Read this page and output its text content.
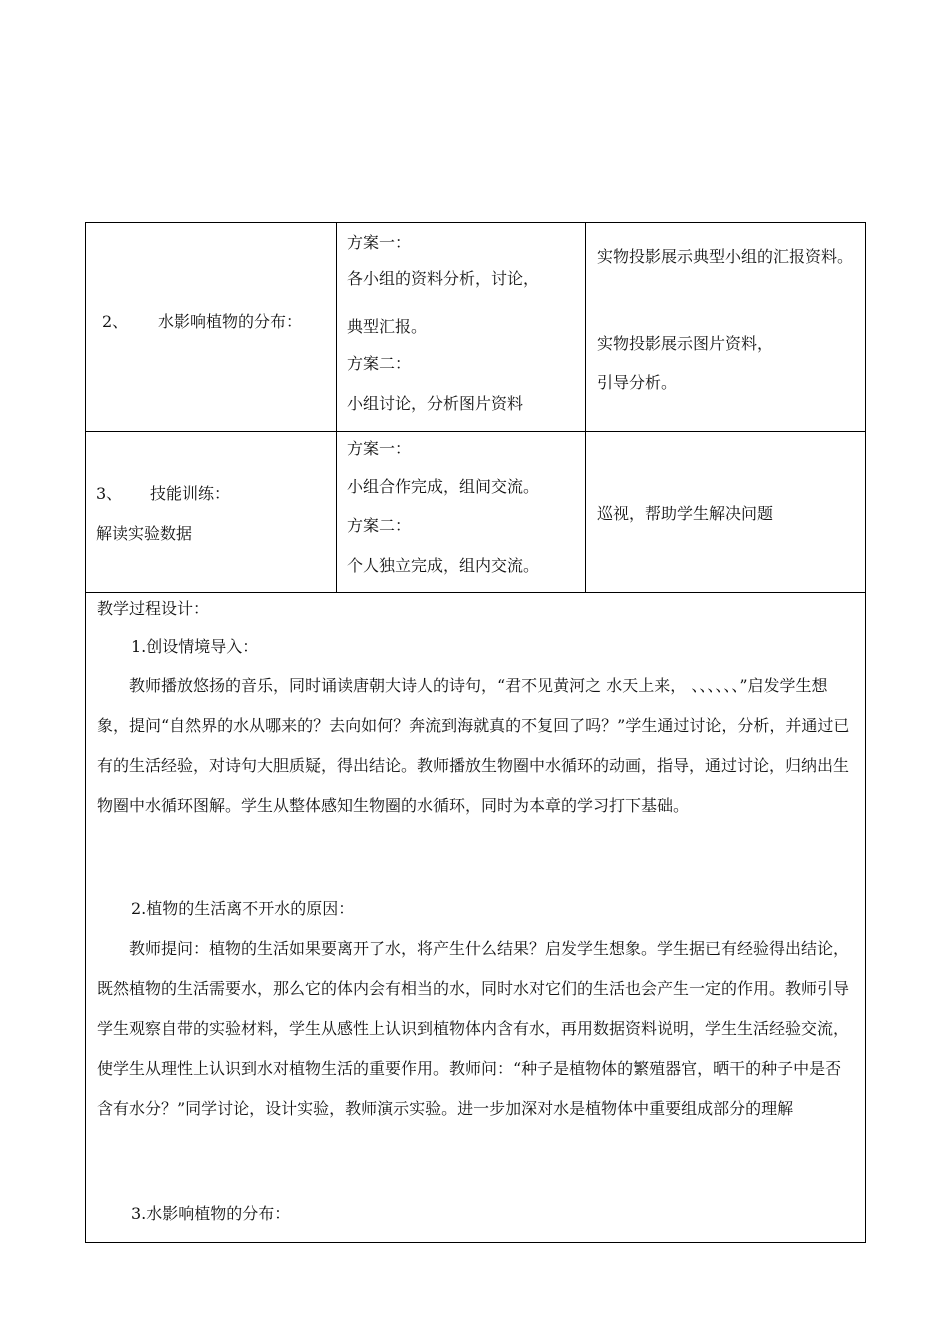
2、 水影响植物的分布：
方案一：
各小组的资料分析，讨论，
典型汇报。
方案二：
小组讨论，分析图片资料
实物投影展示典型小组的汇报资料。
实物投影展示图片资料，
引导分析。
3、 技能训练：
解读实验数据
方案一：
小组合作完成，组间交流。
方案二：
个人独立完成，组内交流。
巡视，帮助学生解决问题
教学过程设计：
1.创设情境导入：
教师播放悠扬的音乐，同时诵读唐朝大诗人的诗句，“君不见黄河之 水天上来， 、、、、、、”启发学生想象，提问“自然界的水从哪来的？去向如何？奔流到海就真的不复回了吗？”学生通过讨论，分析，并通过已有的生活经验，对诗句大胆质疑，得出结论。教师播放生物圈中水循环的动画，指导，通过讨论，归纳出生物圈中水循环图解。学生从整体感知生物圈的水循环，同时为本章的学习打下基础。
2.植物的生活离不开水的原因：
教师提问：植物的生活如果要离开了水，将产生什么结果？启发学生想象。学生据已有经验得出结论，既然植物的生活需要水，那么它的体内会有相当的水，同时水对它们的生活也会产生一定的作用。教师引导学生观察自带的实验材料，学生从感性上认识到植物体内含有水，再用数据资料说明，学生生活经验交流，使学生从理性上认识到水对植物生活的重要作用。教师问：“种子是植物体的繁殖器官，晒干的种子中是否含有水分？”同学讨论，设计实验，教师演示实验。进一步加深对水是植物体中重要组成部分的理解
3.水影响植物的分布：
